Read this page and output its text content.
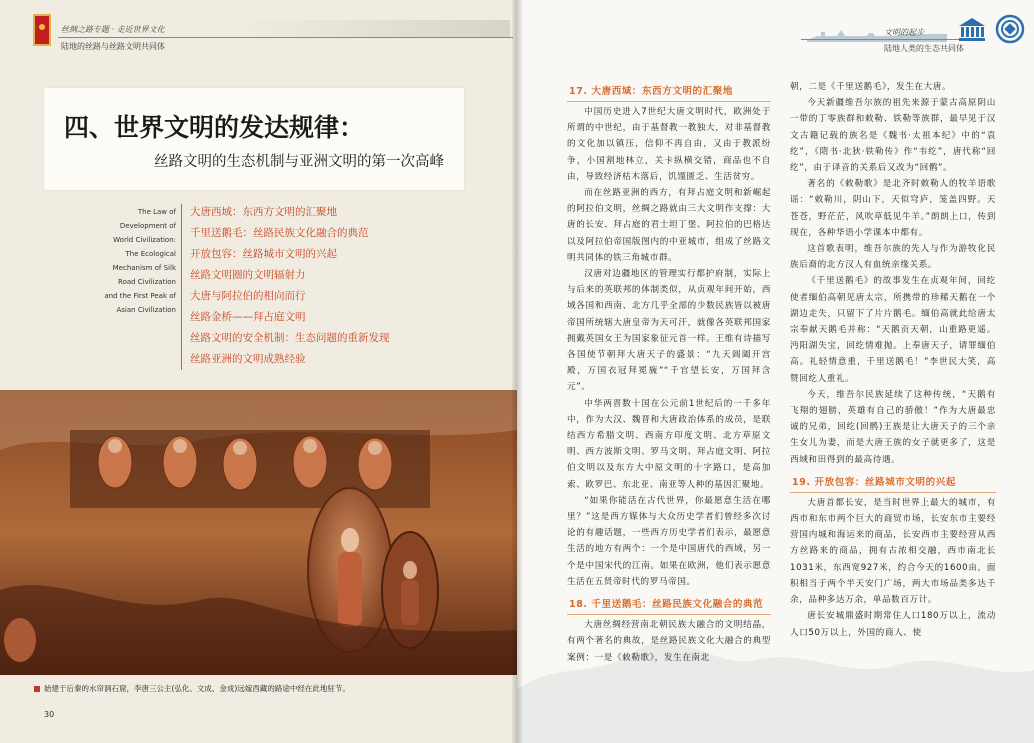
丝绸之路专题 · 走近世界文化
陆地的丝路与丝路文明共同体
四、世界文明的发达规律：
丝路文明的生态机制与亚洲文明的第一次高峰
The Law of
Development of
World Civilization:
The Ecological
Mechanism of Silk
Road Civilization
and the First Peak of
Asian Civilization
大唐西域：东西方文明的汇聚地
千里送鹅毛：丝路民族文化融合的典范
开放包容：丝路城市文明的兴起
丝路文明圈的文明辐射力
大唐与阿拉伯的相向而行
丝路金桥——拜占庭文明
丝路文明的安全机制：生态问题的重新发现
丝路亚洲的文明成熟经验
始建于后秦的水帘洞石窟，李唐三公主(弘化、文成、金成)远嫁西藏的路途中经在此地驻节。
30
文明的起步
陆地人类的生态共同体
17. 大唐西域：东西方文明的汇聚地

中国历史进入7世纪大唐文明时代，欧洲处于所谓的中世纪，由于基督教一教独大，对非基督教的文化加以镇压，信仰不再自由，又由于教派纷争，小国割地林立，关卡纵横交错，商品也不自由，导致经济枯木落后，饥馑匮乏、生活贫穷。

而在丝路亚洲的西方，有拜占庭文明和新崛起的阿拉伯文明，丝绸之路就由三大文明作支撑：大唐的长安、拜占庭的君士坦丁堡、阿拉伯的巴格达以及阿拉伯帝国版图内的中亚城市，组成了丝路文明共同体的铁三角城市群。

汉唐对边疆地区的管理实行都护府制，实际上与后来的英联邦的体制类似，从贞观年间开始，西域各国和西南、北方几乎全部的少数民族皆以被唐帝国所统辖大唐皇帝为天可汗，就像各英联邦国家拥戴英国女王为国家象征元首一样。王维有诗描写各国使节朝拜大唐天子的盛景：“九天阊阖开宫殿，万国衣冠拜冕旒”“千官望长安，万国拜含元”。

中华两晋数十国在公元前1世纪后的一千多年中，作为大汉、魏晋和大唐政治体系的成员，是联结西方希腊文明、西南方印度文明、北方草原文明、西方波斯文明、罗马文明、拜占庭文明、阿拉伯文明以及东方大中原文明的十字路口，是高加索、欧罗巴、东北亚、南亚等人种的基因汇聚地。

“如果你能活在古代世界，你最愿意生活在哪里？”这是西方媒体与大众历史学者们曾经多次讨论的有趣话题，一些西方历史学者们表示，最愿意生活的地方有两个：一个是中国唐代的西域，另一个是中国宋代的江南。如果在欧洲，他们表示愿意生活在五贤帝时代的罗马帝国。

18. 千里送鹅毛：丝路民族文化融合的典范

大唐丝绸经营南北朝民族大融合的文明结晶，有两个著名的典故，是丝路民族文化大融合的典型案例：一是《敕勒歌》，发生在南北

朝，二是《千里送鹅毛》，发生在大唐。

今天新疆维吾尔族的祖先来源于蒙古高原阴山一带的丁零族群和敕勒、铁勒等族群，最早见于汉文古籍记载的族名是《魏书·太祖本纪》中的“袁纥”，《隋书·北狄·铁勒传》作“韦纥”，唐代称“回纥”，由于译音的关系后又改为“回鹘”。

著名的《敕勒歌》是北齐时敕勒人的牧羊语歌谣：“敕勒川，阴山下，天似穹庐，笼盖四野。天苍苍，野茫茫，风吹草低见牛羊。”朗朗上口，传到现在，各种华语小学课本中都有。

这首歌表明，维吾尔族的先人与作为游牧化民族后裔的北方汉人有血统亲缘关系。

《千里送鹅毛》的故事发生在贞观年间，回纥使者缅伯高朝见唐太宗，所携带的珍稀天鹅在一个湖边走失，只留下了片片鹅毛。缅伯高就此给唐太宗奉献天鹅毛并称：“天鹅贡天朝，山重路更遥。沔阳湖失宝，回纥情难抛。上奉唐天子，请罪缅伯高。礼轻情意重，千里送鹅毛！”李世民大笑，高赞回纥人重礼。

今天，维吾尔民族延续了这种传统，“天鹅有飞翔的翅膀，英雄有自己的骄傲！”作为大唐最忠诚的兄弟，回纥(回鹘)王族是让大唐天子的三个亲生女儿为妻，而是大唐王族的女子就更多了，这是西域和田得到的最高待遇。

19. 开放包容：丝路城市文明的兴起

大唐首都长安，是当时世界上最大的城市，有西市和东市两个巨大的商贸市场，长安东市主要经营国内城和海运来的商品，长安西市主要经营从西方丝路来的商品，拥有古浓相交融，西市南北长1031米，东西宽927米，约合今天的1600亩，面积相当于两个半天安门广场，两大市场品类多达千余，品种多达万余，单品数百万计。

唐长安城鼎盛时期常住人口180万以上，流动人口50万以上，外国的商人、使
